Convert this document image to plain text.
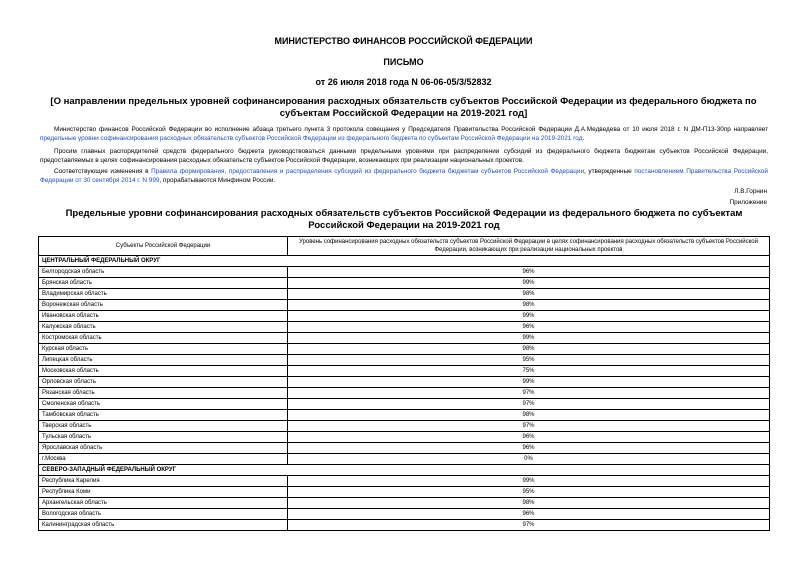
МИНИСТЕРСТВО ФИНАНСОВ РОССИЙСКОЙ ФЕДЕРАЦИИ
ПИСЬМО
от 26 июля 2018 года N 06-06-05/3/52832
[О направлении предельных уровней софинансирования расходных обязательств субъектов Российской Федерации из федерального бюджета по субъектам Российской Федерации на 2019-2021 год]
Министерство финансов Российской Федерации во исполнение абзаца третьего пункта 3 протокола совещания у Председателя Правительства Российской Федерации Д.А.Медведева от 10 июля 2018 г. N ДМ-П13-30пр направляет предельные уровни софинансирования расходных обязательств субъектов Российской Федерации из федерального бюджета по субъектам Российской Федерации на 2019-2021 год.
Просим главных распорядителей средств федерального бюджета руководствоваться данными предельными уровнями при распределении субсидий из федерального бюджета бюджетам субъектов Российской Федерации, предоставляемых в целях софинансирования расходных обязательств субъектов Российской Федерации, возникающих при реализации национальных проектов.
Соответствующие изменения в Правила формирования, предоставления и распределения субсидий из федерального бюджета бюджетам субъектов Российской Федерации, утвержденные постановлением Правительства Российской Федерации от 30 сентября 2014 г. N 999, прорабатываются Минфином России.
Л.В.Горнин
Приложение
Предельные уровни софинансирования расходных обязательств субъектов Российской Федерации из федерального бюджета по субъектам Российской Федерации на 2019-2021 год
Субъекты Российской Федерации	Уровень софинансирования расходных обязательств субъектов Российской Федерации в целях софинансирования расходных обязательств субъектов Российской Федерации, возникающих при реализации национальных проектов
ЦЕНТРАЛЬНЫЙ ФЕДЕРАЛЬНЫЙ ОКРУГ	
Белгородская область	96%
Брянская область	99%
Владимирская область	98%
Воронежская область	98%
Ивановская область	99%
Калужская область	96%
Костромская область	99%
Курская область	98%
Липецкая область	95%
Московская область	75%
Орловская область	99%
Рязанская область	97%
Смоленская область	97%
Тамбовская область	98%
Тверская область	97%
Тульская область	96%
Ярославская область	96%
г.Москва	0%
СЕВЕРО-ЗАПАДНЫЙ ФЕДЕРАЛЬНЫЙ ОКРУГ	
Республика Карелия	99%
Республика Коми	95%
Архангельская область	98%
Вологодская область	96%
Калининградская область	97%
